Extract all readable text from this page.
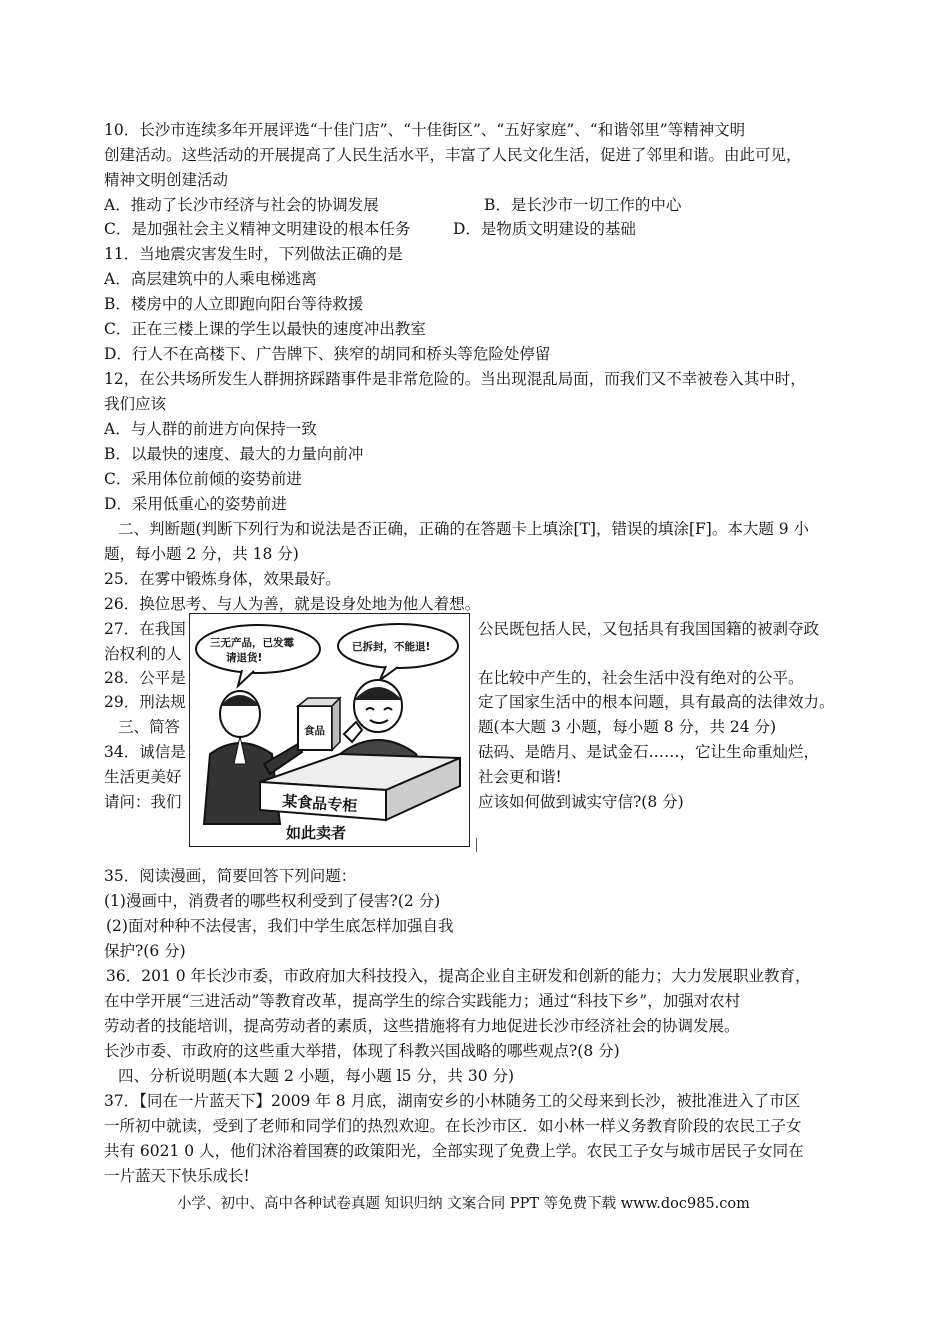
10．长沙市连续多年开展评选“十佳门店”、“十佳街区”、“五好家庭”、“和谐邻里”等精神文明
创建活动。这些活动的开展提高了人民生活水平，丰富了人民文化生活，促进了邻里和谐。由此可见，
精神文明创建活动
A．推动了长沙市经济与社会的协调发展	B．是长沙市一切工作的中心
C．是加强社会主义精神文明建设的根本任务	D．是物质文明建设的基础
11．当地震灾害发生时，下列做法正确的是
A．高层建筑中的人乘电梯逃离
B．楼房中的人立即跑向阳台等待救援
C．正在三楼上课的学生以最快的速度冲出教室
D．行人不在高楼下、广告牌下、狭窄的胡同和桥头等危险处停留
12，在公共场所发生人群拥挤踩踏事件是非常危险的。当出现混乱局面，而我们又不幸被卷入其中时，
我们应该
A．与人群的前进方向保持一致
B．以最快的速度、最大的力量向前冲
C．采用体位前倾的姿势前进
D．采用低重心的姿势前进
二、判断题(判断下列行为和说法是否正确，正确的在答题卡上填涂[T]，错误的填涂[F]。本大题 9 小
题，每小题 2 分，共 18 分)
25．在雾中锻炼身体，效果最好。
26．换位思考、与人为善，就是设身处地为他人着想。
27．在我国	公民既包括人民，又包括具有我国国籍的被剥夺政
治权利的人
28．公平是	在比较中产生的，社会生活中没有绝对的公平。
29．刑法规	定了国家生活中的根本问题，具有最高的法律效力。
三、简答	题(本大题 3 小题，每小题 8 分，共 24 分)
34．诚信是	砝码、是皓月、是试金石……，它让生命重灿烂，
生活更美好	社会更和谐!
请问：我们	应该如何做到诚实守信?(8 分)
三无产品，已发霉
请退货!
已拆封，不能退!
食品
某食品专柜
如此卖者
35．阅读漫画，简要回答下列问题：
(1)漫画中，消费者的哪些权利受到了侵害?(2 分)
(2)面对种种不法侵害，我们中学生底怎样加强自我
保护?(6 分)
36．201 0 年长沙市委，市政府加大科技投入，提高企业自主研发和创新的能力；大力发展职业教育，
在中学开展“三进活动”等教育改革，提高学生的综合实践能力；通过“科技下乡”，加强对农村
劳动者的技能培训，提高劳动者的素质，这些措施将有力地促进长沙市经济社会的协调发展。
长沙市委、市政府的这些重大举措，体现了科教兴国战略的哪些观点?(8 分)
四、分析说明题(本大题 2 小题，每小题 l5 分，共 30 分)
37．【同在一片蓝天下】2009 年 8 月底，湖南安乡的小林随务工的父母来到长沙，被批准进入了市区
一所初中就读，受到了老师和同学们的热烈欢迎。在长沙市区．如小林一样义务教育阶段的农民工子女
共有 6021 0 人，他们沭浴着国赛的政策阳光，全部实现了免费上学。农民工子女与城市居民子女同在
一片蓝天下快乐成长!
小学、初中、高中各种试卷真题 知识归纳 文案合同 PPT 等免费下载 www.doc985.com
